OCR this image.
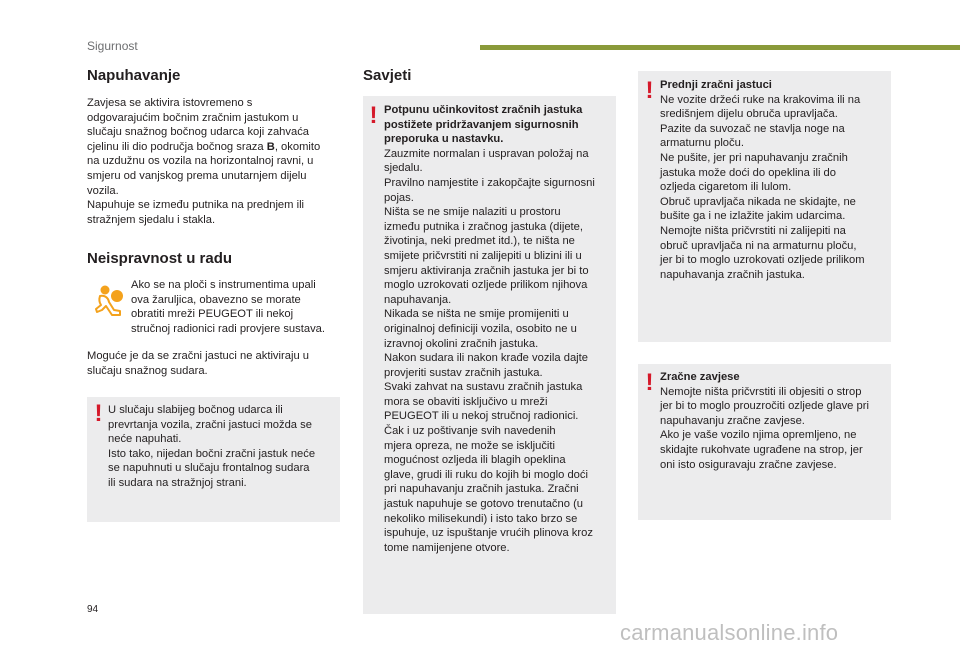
Sigurnost
Napuhavanje
Zavjesa se aktivira istovremeno s
odgovarajućim bočnim zračnim jastukom u
slučaju snažnog bočnog udarca koji zahvaća
cjelinu ili dio područja bočnog sraza B, okomito
na uzdužnu os vozila na horizontalnoj ravni, u
smjeru od vanjskog prema unutarnjem dijelu
vozila.
Napuhuje se između putnika na prednjem ili
stražnjem sjedalu i stakla.
Neispravnost u radu
Ako se na ploči s instrumentima upali
ova žaruljica, obavezno se morate
obratiti mreži PEUGEOT ili nekoj
stručnoj radionici radi provjere sustava.
Moguće je da se zračni jastuci ne aktiviraju u
slučaju snažnog sudara.
! U slučaju slabijeg bočnog udarca ili
prevrtanja vozila, zračni jastuci možda se
neće napuhati.
Isto tako, nijedan bočni zračni jastuk neće
se napuhnuti u slučaju frontalnog sudara
ili sudara na stražnjoj strani.
Savjeti
! Potpunu učinkovitost zračnih jastuka
postižete pridržavanjem sigurnosnih
preporuka u nastavku.
Zauzmite normalan i uspravan položaj na
sjedalu.
Pravilno namjestite i zakopčajte sigurnosni
pojas.
Ništa se ne smije nalaziti u prostoru
između putnika i zračnog jastuka (dijete,
životinja, neki predmet itd.), te ništa ne
smijete pričvrstiti ni zalijepiti u blizini ili u
smjeru aktiviranja zračnih jastuka jer bi to
moglo uzrokovati ozljede prilikom njihova
napuhavanja.
Nikada se ništa ne smije promijeniti u
originalnoj definiciji vozila, osobito ne u
izravnoj okolini zračnih jastuka.
Nakon sudara ili nakon krađe vozila dajte
provjeriti sustav zračnih jastuka.
Svaki zahvat na sustavu zračnih jastuka
mora se obaviti isključivo u mreži
PEUGEOT ili u nekoj stručnoj radionici.
Čak i uz poštivanje svih navedenih
mjera opreza, ne može se isključiti
mogućnost ozljeda ili blagih opeklina
glave, grudi ili ruku do kojih bi moglo doći
pri napuhavanju zračnih jastuka. Zračni
jastuk napuhuje se gotovo trenutačno (u
nekoliko milisekundi) i isto tako brzo se
ispuhuje, uz ispuštanje vrućih plinova kroz
tome namijenjene otvore.
! Prednji zračni jastuci
Ne vozite držeći ruke na krakovima ili na
središnjem dijelu obruča upravljača.
Pazite da suvozač ne stavlja noge na
armaturnu ploču.
Ne pušite, jer pri napuhavanju zračnih
jastuka može doći do opeklina ili do
ozljeda cigaretom ili lulom.
Obruč upravljača nikada ne skidajte, ne
bušite ga i ne izlažite jakim udarcima.
Nemojte ništa pričvrstiti ni zalijepiti na
obruč upravljača ni na armaturnu ploču,
jer bi to moglo uzrokovati ozljede prilikom
napuhavanja zračnih jastuka.
! Zračne zavjese
Nemojte ništa pričvrstiti ili objesiti o strop
jer bi to moglo prouzročiti ozljede glave pri
napuhavanju zračne zavjese.
Ako je vaše vozilo njima opremljeno, ne
skidajte rukohvate ugrađene na strop, jer
oni isto osiguravaju zračne zavjese.
94
carmanualsonline.info
